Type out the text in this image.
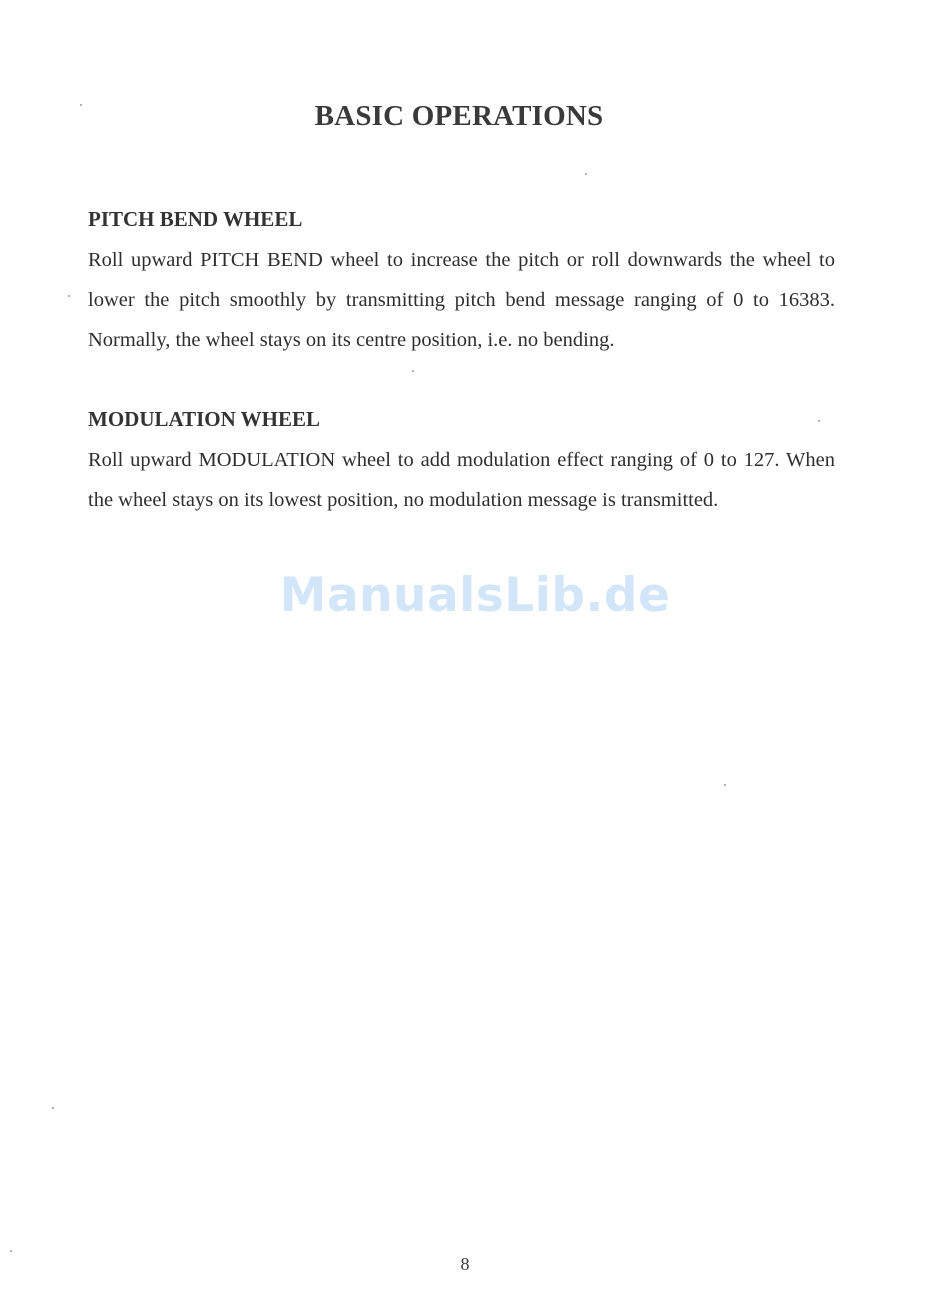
BASIC OPERATIONS
PITCH BEND WHEEL

Roll upward PITCH BEND wheel to increase the pitch or roll downwards the wheel to lower the pitch smoothly by transmitting pitch bend message ranging of 0 to 16383. Normally, the wheel stays on its centre position, i.e. no bending.

MODULATION WHEEL

Roll upward MODULATION wheel to add modulation effect ranging of 0 to 127. When the wheel stays on its lowest position, no modulation message is transmitted.

ManualsLib.de
8
